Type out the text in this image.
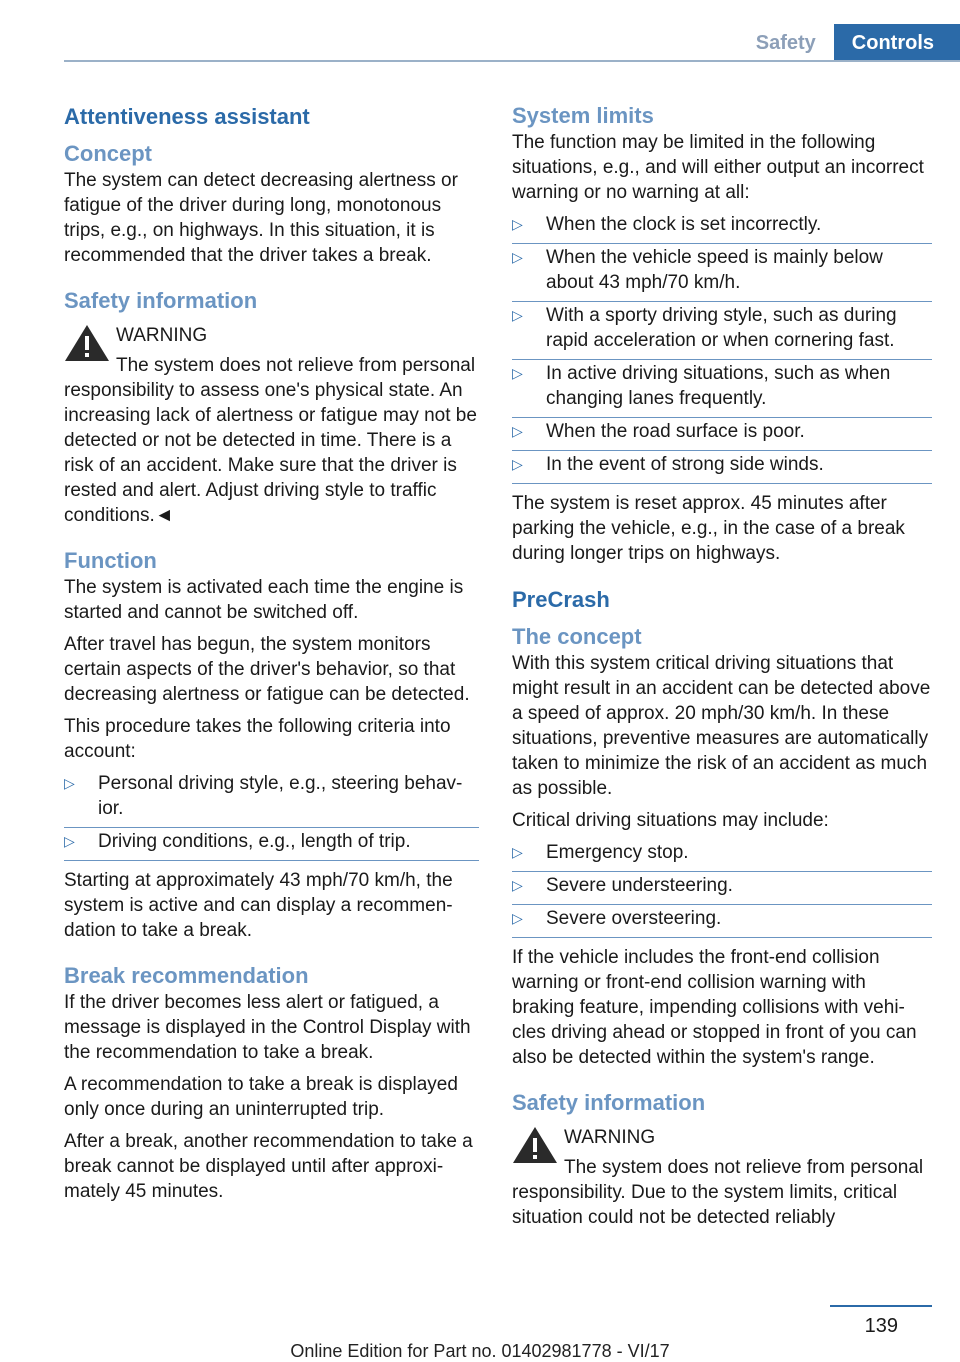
Safety	Controls
Attentiveness assistant
Concept

The system can detect decreasing alertness or fatigue of the driver during long, monotonous trips, e.g., on highways. In this situation, it is recommended that the driver takes a break.

Safety information
WARNING

The system does not relieve from personal responsibility to assess one's physical state. An increasing lack of alertness or fatigue may not be detected or not be detected in time. There is a risk of an accident. Make sure that the driver is rested and alert. Adjust driving style to traffic conditions.◄

Function

The system is activated each time the engine is started and cannot be switched off.

After travel has begun, the system monitors certain aspects of the driver's behavior, so that decreasing alertness or fatigue can be detected.

This procedure takes the following criteria into account:

▷ Personal driving style, e.g., steering behavior.
▷ Driving conditions, e.g., length of trip.

Starting at approximately 43 mph/70 km/h, the system is active and can display a recommendation to take a break.

Break recommendation

If the driver becomes less alert or fatigued, a message is displayed in the Control Display with the recommendation to take a break.

A recommendation to take a break is displayed only once during an uninterrupted trip.

After a break, another recommendation to take a break cannot be displayed until after approximately 45 minutes.

System limits

The function may be limited in the following situations, e.g., and will either output an incorrect warning or no warning at all:

▷ When the clock is set incorrectly.
▷ When the vehicle speed is mainly below about 43 mph/70 km/h.
▷ With a sporty driving style, such as during rapid acceleration or when cornering fast.
▷ In active driving situations, such as when changing lanes frequently.
▷ When the road surface is poor.
▷ In the event of strong side winds.

The system is reset approx. 45 minutes after parking the vehicle, e.g., in the case of a break during longer trips on highways.

PreCrash
The concept

With this system critical driving situations that might result in an accident can be detected above a speed of approx. 20 mph/30 km/h. In these situations, preventive measures are automatically taken to minimize the risk of an accident as much as possible.

Critical driving situations may include:

▷ Emergency stop.
▷ Severe understeering.
▷ Severe oversteering.

If the vehicle includes the front-end collision warning or front-end collision warning with braking feature, impending collisions with vehicles driving ahead or stopped in front of you can also be detected within the system's range.

Safety information
WARNING

The system does not relieve from personal responsibility. Due to the system limits, critical situation could not be detected reliably

139
Online Edition for Part no. 01402981778 - VI/17
